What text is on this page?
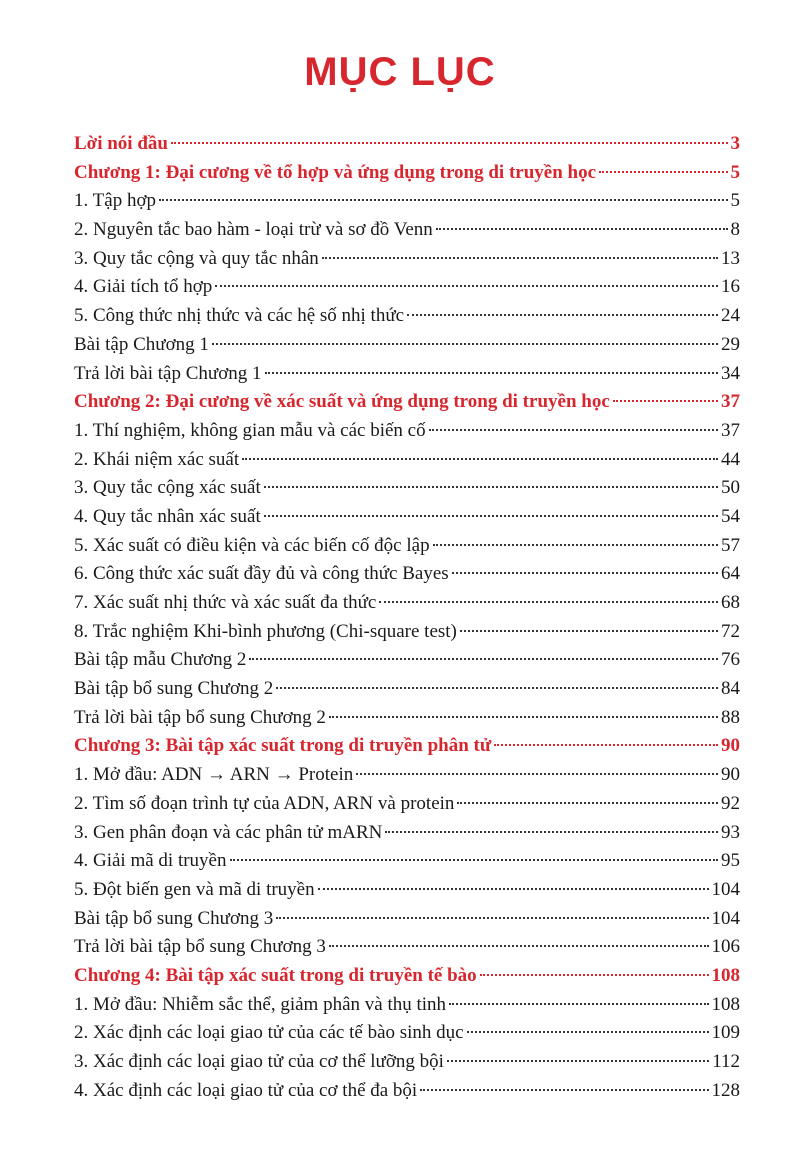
MỤC LỤC
Lời nói đầu	3
Chương 1: Đại cương về tổ hợp và ứng dụng trong di truyền học	5
1. Tập hợp	5
2. Nguyên tắc bao hàm - loại trừ và sơ đồ Venn	8
3. Quy tắc cộng và quy tắc nhân	13
4. Giải tích tổ hợp	16
5. Công thức nhị thức và các hệ số nhị thức	24
Bài tập Chương 1	29
Trả lời bài tập Chương 1	34
Chương 2: Đại cương về xác suất và ứng dụng trong di truyền học	37
1. Thí nghiệm, không gian mẫu và các biến cố	37
2. Khái niệm xác suất	44
3. Quy tắc cộng xác suất	50
4. Quy tắc nhân xác suất	54
5. Xác suất có điều kiện và các biến cố độc lập	57
6. Công thức xác suất đầy đủ và công thức Bayes	64
7. Xác suất nhị thức và xác suất đa thức	68
8. Trắc nghiệm Khi-bình phương (Chi-square test)	72
Bài tập mẫu Chương 2	76
Bài tập bổ sung Chương 2	84
Trả lời bài tập bổ sung Chương 2	88
Chương 3: Bài tập xác suất trong di truyền phân tử	90
1. Mở đầu: ADN → ARN → Protein	90
2. Tìm số đoạn trình tự của ADN, ARN và protein	92
3. Gen phân đoạn và các phân tử mARN	93
4. Giải mã di truyền	95
5. Đột biến gen và mã di truyền	104
Bài tập bổ sung Chương 3	104
Trả lời bài tập bổ sung Chương 3	106
Chương 4: Bài tập xác suất trong di truyền tế bào	108
1. Mở đầu: Nhiễm sắc thể, giảm phân và thụ tinh	108
2. Xác định các loại giao tử của các tế bào sinh dục	109
3. Xác định các loại giao tử của cơ thể lưỡng bội	112
4. Xác định các loại giao tử của cơ thể đa bội	128
